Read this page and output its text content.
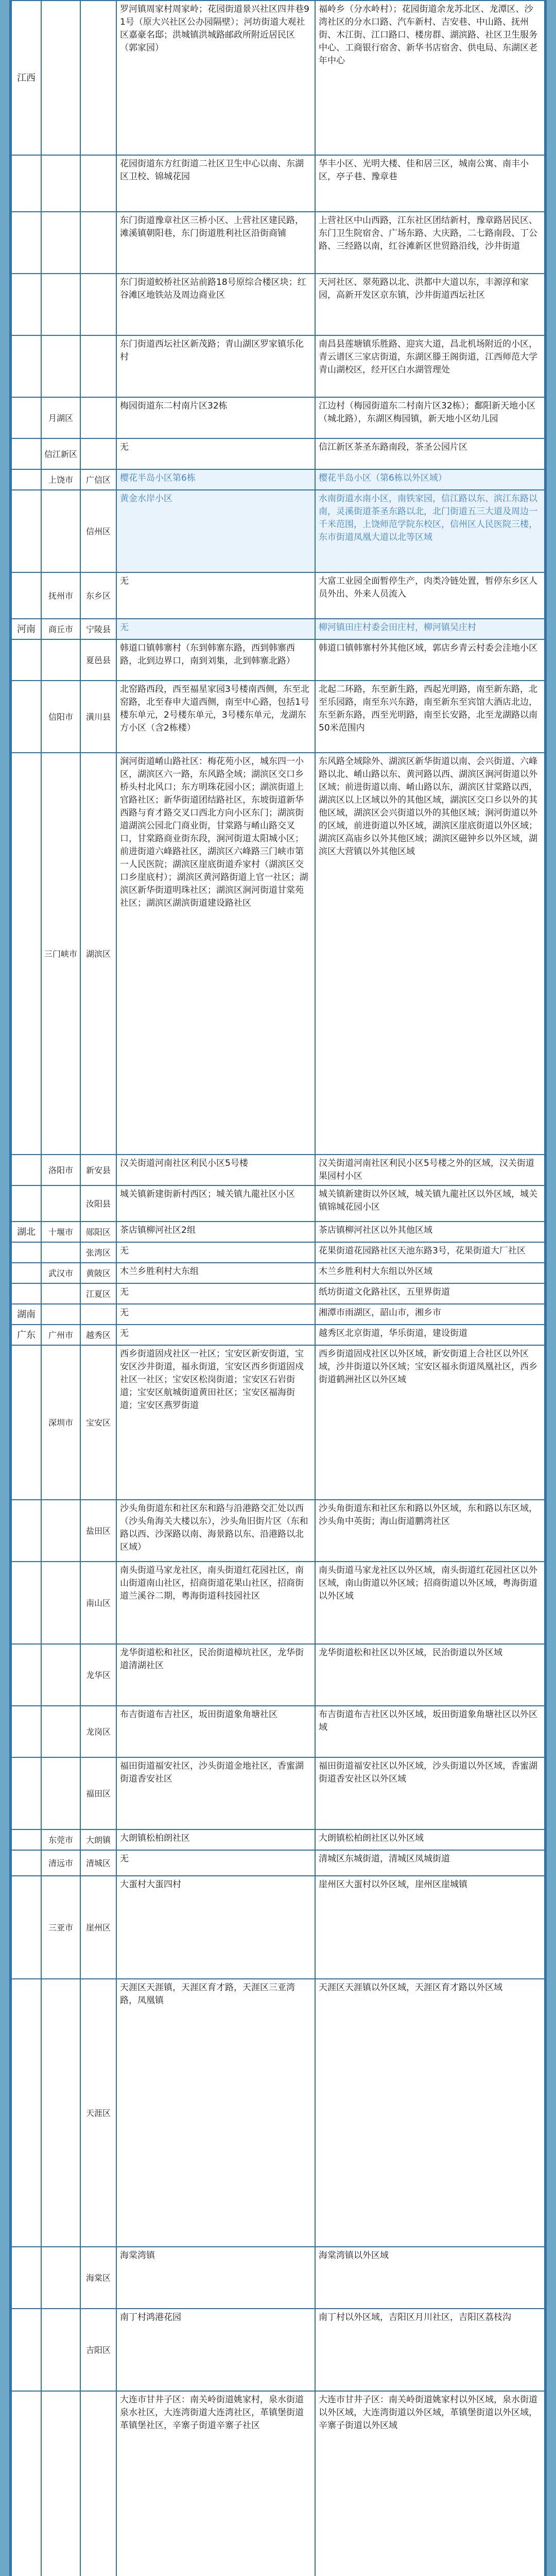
江西			罗河镇周家村周家岭；花园街道景兴社区四井巷91号（原大兴社区公办园隔壁）；河坊街道大观社区嘉豪名邸；洪城镇洪城路邮政所附近居民区（郭家园）	福岭乡（分水岭村）；花园街道余龙苏北区、龙潭区、沙湾社区的分水口路、汽车新村、吉安巷、中山路、抚州街、木江街、江口路口、楼房群、湖滨路、社区卫生服务中心、工商银行宿舍、新华书店宿舍、供电局、东湖区老年中心
			花园街道东方红街道二社区卫生中心以南、东湖区卫校、锦城花园	华丰小区、光明大楼、佳和居三区，城南公寓、南丰小区，亭子巷、豫章巷
			东门街道豫章社区三桥小区、上营社区建民路，滩溪镇朝阳巷，东门街道胜利社区沿街商铺	上营社区中山西路，江东社区团结新村，豫章路居民区、东门卫生院宿舍、广场东路、大庆路，二七路南段、丁公路、三经路以南，红谷滩新区世贸路沿线，沙井街道
			东门街道蛟桥社区站前路18号原综合楼区块；红谷滩区地铁站及周边商业区	天河社区、翠苑路以北、洪都中大道以东，丰源淳和家园，高新开发区京东镇，沙井街道西坛社区
			东门街道西坛社区新茂路；青山湖区罗家镇乐化村	南昌县莲塘镇乐胜路、迎宾大道，昌北机场附近的小区，青云谱区三家店街道，东湖区滕王阁街道，江西师范大学青山湖校区，经开区白水湖管理处
	月湖区		梅园街道东二村南片区32栋	江边村（梅园街道东二村南片区32栋）；鄱阳新天地小区（城北路），东湖区梅园镇，新天地小区幼儿园
	信江新区		无	信江新区茶圣东路南段，茶圣公园片区
	上饶市	广信区	樱花半岛小区第6栋	樱花半岛小区（第6栋以外区域）
		信州区	黄金水岸小区	水南街道水南小区，南铁家园，信江路以东、滨江东路以南，灵溪街道茶圣东路以北，北门街道五三大道及周边一千米范围，上饶师范学院东校区，信州区人民医院三楼，东市街道凤凰大道以北等区域
	抚州市	东乡区	无	大富工业园全面暂停生产，肉类冷链处置，暂停东乡区人员外出、外来人员流入
河南	商丘市	宁陵县	无	柳河镇田庄村委会田庄村，柳河镇吴庄村
		夏邑县	韩道口镇韩寨村（东到韩寨东路，西到韩寨西路，北到边界口，南到刘集，北到韩寨北路）	韩道口镇韩寨村外其他区域，郭店乡青云村委会洼地小区
	信阳市	潢川县	北窑路西段，西至福星家园3号楼南西侧，东至北窑路，北至春申大道西侧，南至中心路，包括1号楼东单元，2号楼东单元，3号楼东单元，龙湖东方小区（含2栋楼）	北起二环路，东至新生路，西起光明路，南至新东路，北至乐园路，南至东兴东路，南至新东至宾馆大酒店北边，东至新东路，西至光明路，南至长安路，北至龙湖路以南50米范围内
	三门峡市	湖滨区	涧河街道崤山路社区：梅花苑小区，城东四一小区，湖滨区六一路，东风路全域；湖滨区交口乡桥头村北风口；东方明珠花园小区；湖滨街道上官路社区；新华街道团结路社区，东坡街道新华西路与育才路交叉口西北方向小区东门；湖滨街道湖滨公园北门商业街，甘棠路与崤山路交叉口，甘棠路商业街东段，涧河街道太阳城小区；前进街道六峰路社区，湖滨区六峰路三门峡市第一人民医院；湖滨区崖底街道乔家村（湖滨区交口乡崖底村）；湖滨区黄河路街道上官一社区；湖滨区新华街道明珠社区；湖滨区涧河街道甘棠苑社区；湖滨区湖滨街道建设路社区	东风路全域除外、湖滨区新华街道以南、会兴街道、六峰路以北、崤山路以东、黄河路以西、湖滨区涧河街道以外区域；前进街道以南、崤山路以东，湖滨区甘棠路以西，湖滨区以上区域以外的其他区域，湖滨区交口乡以外的其他区域，湖滨区会兴街道以外的其他区域；涧河街道以外的区域，前进街道以外区域，湖滨区崖底街道以外区域；湖滨区高庙乡以外其他区域；湖滨区磁钟乡以外区域，湖滨区大营镇以外其他区域
	洛阳市	新安县	汉关街道河南社区利民小区5号楼	汉关街道河南社区利民小区5号楼之外的区域，汉关街道果园村小区
		汝阳县	城关镇新建街新村西区；城关镇九龍社区小区	城关镇新建街以外区域，城关镇九龍社区以外区域，城关镇锦城花园小区
湖北	十堰市	郧阳区	茶店镇柳河社区2组	茶店镇柳河社区以外其他区域
		张湾区	无	花果街道花园路社区天池东路3号，花果街道大厂社区
	武汉市	黄陂区	木兰乡胜利村大东组	木兰乡胜利村大东组以外区域
		江夏区	无	纸坊街道文化路社区，五里界街道
湖南			无	湘潭市雨湖区，韶山市，湘乡市
广东	广州市	越秀区	无	越秀区北京街道，华乐街道，建设街道
	深圳市	宝安区	西乡街道固戍社区一社区；宝安区新安街道，宝安区沙井街道，福永街道，宝安区西乡街道固戍社区一社区；宝安区松岗街道；宝安区石岩街道；宝安区航城街道黄田社区；宝安区福海街道；宝安区燕罗街道	西乡街道固戍社区以外区域，新安街道上合社区以外区域，沙井街道以外区域；宝安区福永街道凤凰社区，西乡街道鹤洲社区以外区域
		盐田区	沙头角街道东和社区东和路与沿港路交汇处以西（沙头角海关大楼以东），沙头角旧街片区（东和路以西、沙深路以南、海景路以东、沿港路以北区域）	沙头角街道东和社区东和路以外区域，东和路以东区域，沙头角中英街；海山街道鹏湾社区
		南山区	南头街道马家龙社区，南头街道红花园社区，南山街道南山社区，招商街道花果山社区，招商街道兰溪谷二期，粤海街道科技园社区	南头街道马家龙社区以外区域，南头街道红花园社区以外区域，南山街道以外区域；招商街道以外区域，粤海街道以外区域
		龙华区	龙华街道松和社区，民治街道樟坑社区，龙华街道清湖社区	龙华街道松和社区以外区域，民治街道以外区域
		龙岗区	布吉街道布吉社区，坂田街道象角塘社区	布吉街道布吉社区以外区域，坂田街道象角塘社区以外区域
		福田区	福田街道福安社区，沙头街道金地社区，香蜜湖街道香安社区	福田街道福安社区以外区域，沙头街道以外区域，香蜜湖街道香安社区以外区域
	东莞市	大朗镇	大朗镇松柏朗社区	大朗镇松柏朗社区以外区域
	清远市	清城区	无	清城区东城街道，清城区凤城街道
	三亚市	崖州区	大蛋村大蛋四村	崖州区大蛋村以外区域，崖州区崖城镇
		天涯区	天涯区天涯镇，天涯区育才路，天涯区三亚湾路，凤凰镇	天涯区天涯镇以外区域，天涯区育才路以外区域
		海棠区	海棠湾镇	海棠湾镇以外区域
		吉阳区	南丁村鸿港花园	南丁村以外区域，吉阳区月川社区，吉阳区荔枝沟
			大连市甘井子区：南关岭街道姚家村，泉水街道泉水社区，大连湾街道大连湾社区，革镇堡街道革镇堡社区，辛寨子街道辛寨子社区	大连市甘井子区：南关岭街道姚家村以外区域，泉水街道以外区域，大连湾街道以外区域，革镇堡街道以外区域，辛寨子街道以外区域
